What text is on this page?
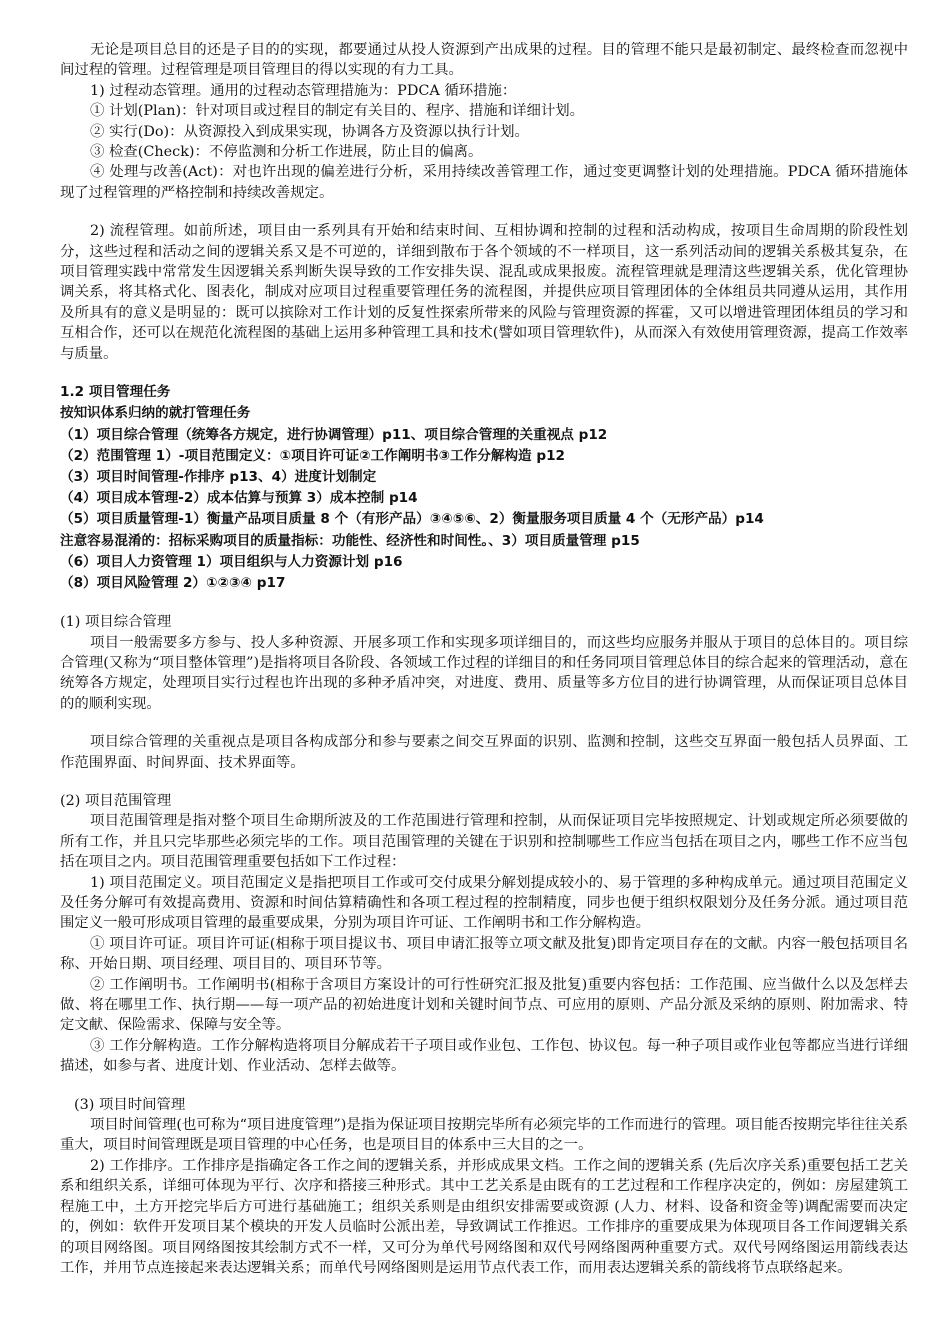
无论是项目总目的还是子目的的实现，都要通过从投人资源到产出成果的过程。目的管理不能只是最初制定、最终检查而忽视中间过程的管理。过程管理是项目管理目的得以实现的有力工具。

1) 过程动态管理。通用的过程动态管理措施为：PDCA 循环措施：

① 计划(Plan)：针对项目或过程目的制定有关目的、程序、措施和详细计划。

② 实行(Do)：从资源投入到成果实现，协调各方及资源以执行计划。

③ 检查(Check)：不停监测和分析工作进展，防止目的偏离。

④ 处理与改善(Act)：对也许出现的偏差进行分析，采用持续改善管理工作，通过变更调整计划的处理措施。PDCA 循环措施体现了过程管理的严格控制和持续改善规定。

2) 流程管理。如前所述，项目由一系列具有开始和结束时间、互相协调和控制的过程和活动构成，按项目生命周期的阶段性划分，这些过程和活动之间的逻辑关系又是不可逆的，详细到散布于各个领域的不一样项目，这一系列活动间的逻辑关系极其复杂，在项目管理实践中常常发生因逻辑关系判断失误导致的工作安排失误、混乱或成果报废。流程管理就是理清这些逻辑关系，优化管理协调关系，将其格式化、图表化，制成对应项目过程重要管理任务的流程图，并提供应项目管理团体的全体组员共同遵从运用，其作用及所具有的意义是明显的：既可以摈除对工作计划的反复性探索所带来的风险与管理资源的挥霍，又可以增进管理团体组员的学习和互相合作，还可以在规范化流程图的基础上运用多种管理工具和技术(譬如项目管理软件)，从而深入有效使用管理资源，提高工作效率与质量。

1.2 项目管理任务

按知识体系归纳的就打管理任务

（1）项目综合管理（统筹各方规定，进行协调管理）p11、项目综合管理的关重视点 p12

（2）范围管理 1）-项目范围定义：①项目许可证②工作阐明书③工作分解构造 p12

（3）项目时间管理-作排序 p13、4）进度计划制定

（4）项目成本管理-2）成本估算与预算 3）成本控制 p14

（5）项目质量管理-1）衡量产品项目质量 8 个（有形产品）③④⑤⑥、2）衡量服务项目质量 4 个（无形产品）p14

注意容易混淆的：招标采购项目的质量指标：功能性、经济性和时间性。、3）项目质量管理 p15

（6）项目人力资管理 1）项目组织与人力资源计划 p16

（8）项目风险管理 2）①②③④ p17

(1) 项目综合管理

项目一般需要多方参与、投人多种资源、开展多项工作和实现多项详细目的，而这些均应服务并服从于项目的总体目的。项目综合管理(又称为“项目整体管理”)是指将项目各阶段、各领域工作过程的详细目的和任务同项目管理总体目的综合起来的管理活动，意在统筹各方规定，处理项目实行过程也许出现的多种矛盾冲突，对进度、费用、质量等多方位目的进行协调管理，从而保证项目总体目的的顺利实现。

项目综合管理的关重视点是项目各构成部分和参与要素之间交互界面的识别、监测和控制，这些交互界面一般包括人员界面、工作范围界面、时间界面、技术界面等。

(2) 项目范围管理

项目范围管理是指对整个项目生命期所波及的工作范围进行管理和控制，从而保证项目完毕按照规定、计划或规定所必须要做的所有工作，并且只完毕那些必须完毕的工作。项目范围管理的关键在于识别和控制哪些工作应当包括在项目之内，哪些工作不应当包括在项目之内。项目范围管理重要包括如下工作过程：

1) 项目范围定义。项目范围定义是指把项目工作或可交付成果分解划提成较小的、易于管理的多种构成单元。通过项目范围定义及任务分解可有效提高费用、资源和时间估算精确性和各项工程过程的控制精度，同步也便于组织权限划分及任务分派。通过项目范围定义一般可形成项目管理的最重要成果，分别为项目许可证、工作阐明书和工作分解构造。

① 项目许可证。项目许可证(相称于项目提议书、项目申请汇报等立项文献及批复)即肯定项目存在的文献。内容一般包括项目名称、开始日期、项目经理、项目目的、项目环节等。

② 工作阐明书。工作阐明书(相称于含项目方案设计的可行性研究汇报及批复)重要内容包括：工作范围、应当做什么以及怎样去做、将在哪里工作、执行期——每一项产品的初始进度计划和关键时间节点、可应用的原则、产品分派及采纳的原则、附加需求、特定文献、保险需求、保障与安全等。

③ 工作分解构造。工作分解构造将项目分解成若干子项目或作业包、工作包、协议包。每一种子项目或作业包等都应当进行详细描述，如参与者、进度计划、作业活动、怎样去做等。

(3) 项目时间管理

项目时间管理(也可称为“项目进度管理”)是指为保证项目按期完毕所有必须完毕的工作而进行的管理。项目能否按期完毕往往关系重大，项目时间管理既是项目管理的中心任务，也是项目目的体系中三大目的之一。

2) 工作排序。工作排序是指确定各工作之间的逻辑关系，并形成成果文档。工作之间的逻辑关系 (先后次序关系)重要包括工艺关系和组织关系，详细可体现为平行、次序和搭接三种形式。其中工艺关系是由既有的工艺过程和工作程序决定的，例如：房屋建筑工程施工中，土方开挖完毕后方可进行基础施工；组织关系则是由组织安排需要或资源 (人力、材料、设备和资金等)调配需要而决定的，例如：软件开发项目某个模块的开发人员临时公派出差，导致调试工作推迟。工作排序的重要成果为体现项目各工作间逻辑关系的项目网络图。项目网络图按其绘制方式不一样，又可分为单代号网络图和双代号网络图两种重要方式。双代号网络图运用箭线表达工作，并用节点连接起来表达逻辑关系；而单代号网络图则是运用节点代表工作，而用表达逻辑关系的箭线将节点联络起来。
